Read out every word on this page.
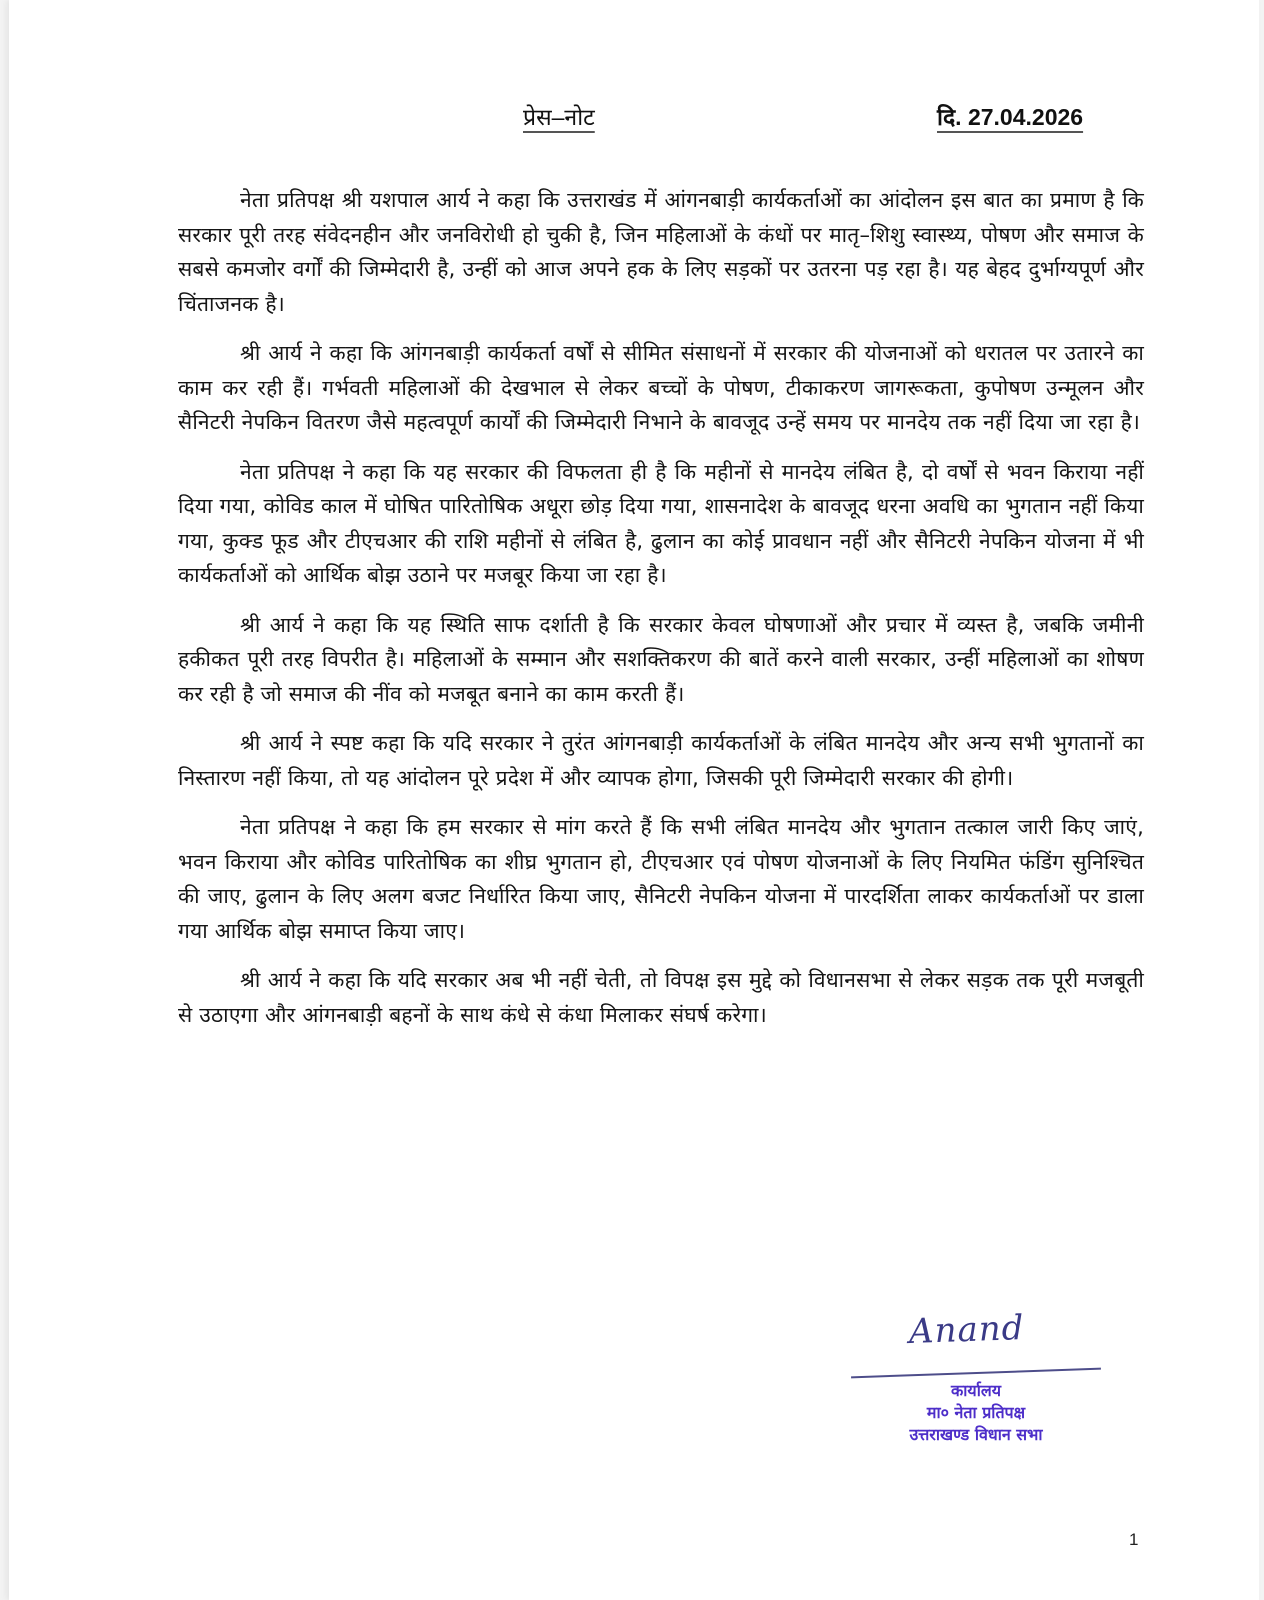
प्रेस–नोट	दि. 27.04.2026

नेता प्रतिपक्ष श्री यशपाल आर्य ने कहा कि उत्तराखंड में आंगनबाड़ी कार्यकर्ताओं का आंदोलन इस बात का प्रमाण है कि सरकार पूरी तरह संवेदनहीन और जनविरोधी हो चुकी है, जिन महिलाओं के कंधों पर मातृ–शिशु स्वास्थ्य, पोषण और समाज के सबसे कमजोर वर्गों की जिम्मेदारी है, उन्हीं को आज अपने हक के लिए सड़कों पर उतरना पड़ रहा है। यह बेहद दुर्भाग्यपूर्ण और चिंताजनक है।

श्री आर्य ने कहा कि आंगनबाड़ी कार्यकर्ता वर्षों से सीमित संसाधनों में सरकार की योजनाओं को धरातल पर उतारने का काम कर रही हैं। गर्भवती महिलाओं की देखभाल से लेकर बच्चों के पोषण, टीकाकरण जागरूकता, कुपोषण उन्मूलन और सैनिटरी नेपकिन वितरण जैसे महत्वपूर्ण कार्यों की जिम्मेदारी निभाने के बावजूद उन्हें समय पर मानदेय तक नहीं दिया जा रहा है।

नेता प्रतिपक्ष ने कहा कि यह सरकार की विफलता ही है कि महीनों से मानदेय लंबित है, दो वर्षों से भवन किराया नहीं दिया गया, कोविड काल में घोषित पारितोषिक अधूरा छोड़ दिया गया, शासनादेश के बावजूद धरना अवधि का भुगतान नहीं किया गया, कुक्ड फूड और टीएचआर की राशि महीनों से लंबित है, ढुलान का कोई प्रावधान नहीं और सैनिटरी नेपकिन योजना में भी कार्यकर्ताओं को आर्थिक बोझ उठाने पर मजबूर किया जा रहा है।

श्री आर्य ने कहा कि यह स्थिति साफ दर्शाती है कि सरकार केवल घोषणाओं और प्रचार में व्यस्त है, जबकि जमीनी हकीकत पूरी तरह विपरीत है। महिलाओं के सम्मान और सशक्तिकरण की बातें करने वाली सरकार, उन्हीं महिलाओं का शोषण कर रही है जो समाज की नींव को मजबूत बनाने का काम करती हैं।

श्री आर्य ने स्पष्ट कहा कि यदि सरकार ने तुरंत आंगनबाड़ी कार्यकर्ताओं के लंबित मानदेय और अन्य सभी भुगतानों का निस्तारण नहीं किया, तो यह आंदोलन पूरे प्रदेश में और व्यापक होगा, जिसकी पूरी जिम्मेदारी सरकार की होगी।

नेता प्रतिपक्ष ने कहा कि हम सरकार से मांग करते हैं कि सभी लंबित मानदेय और भुगतान तत्काल जारी किए जाएं, भवन किराया और कोविड पारितोषिक का शीघ्र भुगतान हो, टीएचआर एवं पोषण योजनाओं के लिए नियमित फंडिंग सुनिश्चित की जाए, ढुलान के लिए अलग बजट निर्धारित किया जाए, सैनिटरी नेपकिन योजना में पारदर्शिता लाकर कार्यकर्ताओं पर डाला गया आर्थिक बोझ समाप्त किया जाए।

श्री आर्य ने कहा कि यदि सरकार अब भी नहीं चेती, तो विपक्ष इस मुद्दे को विधानसभा से लेकर सड़क तक पूरी मजबूती से उठाएगा और आंगनबाड़ी बहनों के साथ कंधे से कंधा मिलाकर संघर्ष करेगा।

Anand
कार्यालय
मा० नेता प्रतिपक्ष
उत्तराखण्ड विधान सभा
1
